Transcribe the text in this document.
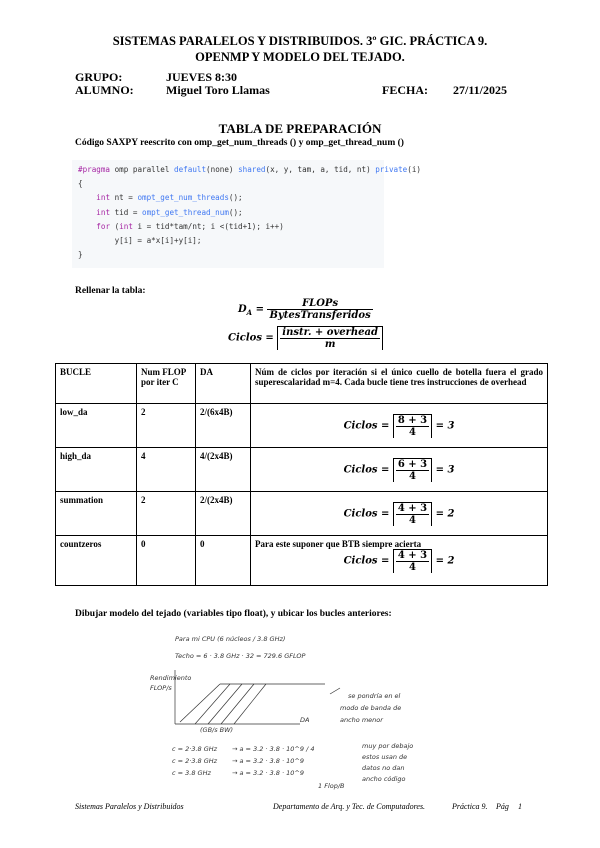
SISTEMAS PARALELOS Y DISTRIBUIDOS. 3º GIC. PRÁCTICA 9.
OPENMP Y MODELO DEL TEJADO.
GRUPO:	JUEVES 8:30
ALUMNO:	Miguel Toro Llamas	FECHA: 27/11/2025
TABLA DE PREPARACIÓN
Código SAXPY reescrito con omp_get_num_threads () y omp_get_thread_num ()
#pragma omp parallel default(none) shared(x, y, tam, a, tid, nt) private(i)
{
int nt = ompt_get_num_threads();
int tid = ompt_get_thread_num();
for (int i = tid*tam/nt; i <(tid+1); i++)
y[i] = a*x[i]+y[i];
}
Rellenar la tabla:
$D_A = \frac{\text{FLOPs}}{\text{BytesTransferidos}}$
Ciclos = $\frac{\text{instr. + overhead}}{m}$
BUCLE	Num FLOP por iter C	DA	Núm de ciclos por iteración si el único cuello de botella fuera el grado superescalaridad m=4. Cada bucle tiene tres instrucciones de overhead
low_da	2	2/(6x4B)	Ciclos = $\frac{8 + 3}{4} = 3$
high_da	4	4/(2x4B)	Ciclos = $\frac{6 + 3}{4} = 3$
summation	2	2/(2x4B)	Ciclos = $\frac{4 + 3}{4} = 2$
countzeros	0	0	Para este suponer que BTB siempre acierta
Ciclos = $\frac{4 + 3}{4} = 2$
Dibujar modelo del tejado (variables tipo float), y ubicar los bucles anteriores:
Para mi CPU (6 núcleos / 3.8 GHz)
Techo = 6 · 3.8 GHz · 32 = 729.6 GFLOP
Rendimiento
FLOP/s
se pondría en el
modo de banda de
ancho menor
DA
(GB/s BW)
c = 2·3.8 GHz
c = 2·3.8 GHz
c = 3.8 GHz
→ a = 3.2 · 3.8 · 10^9 / 4
→ a = 3.2 · 3.8 · 10^9
→ a = 3.2 · 3.8 · 10^9
muy por debajo
estos usan de
datos no dan
ancho código
1 Flop/B
Sistemas Paralelos y Distribuidos	Departamento de Arq. y Tec. de Computadores.	Práctica 9. Pág 1
